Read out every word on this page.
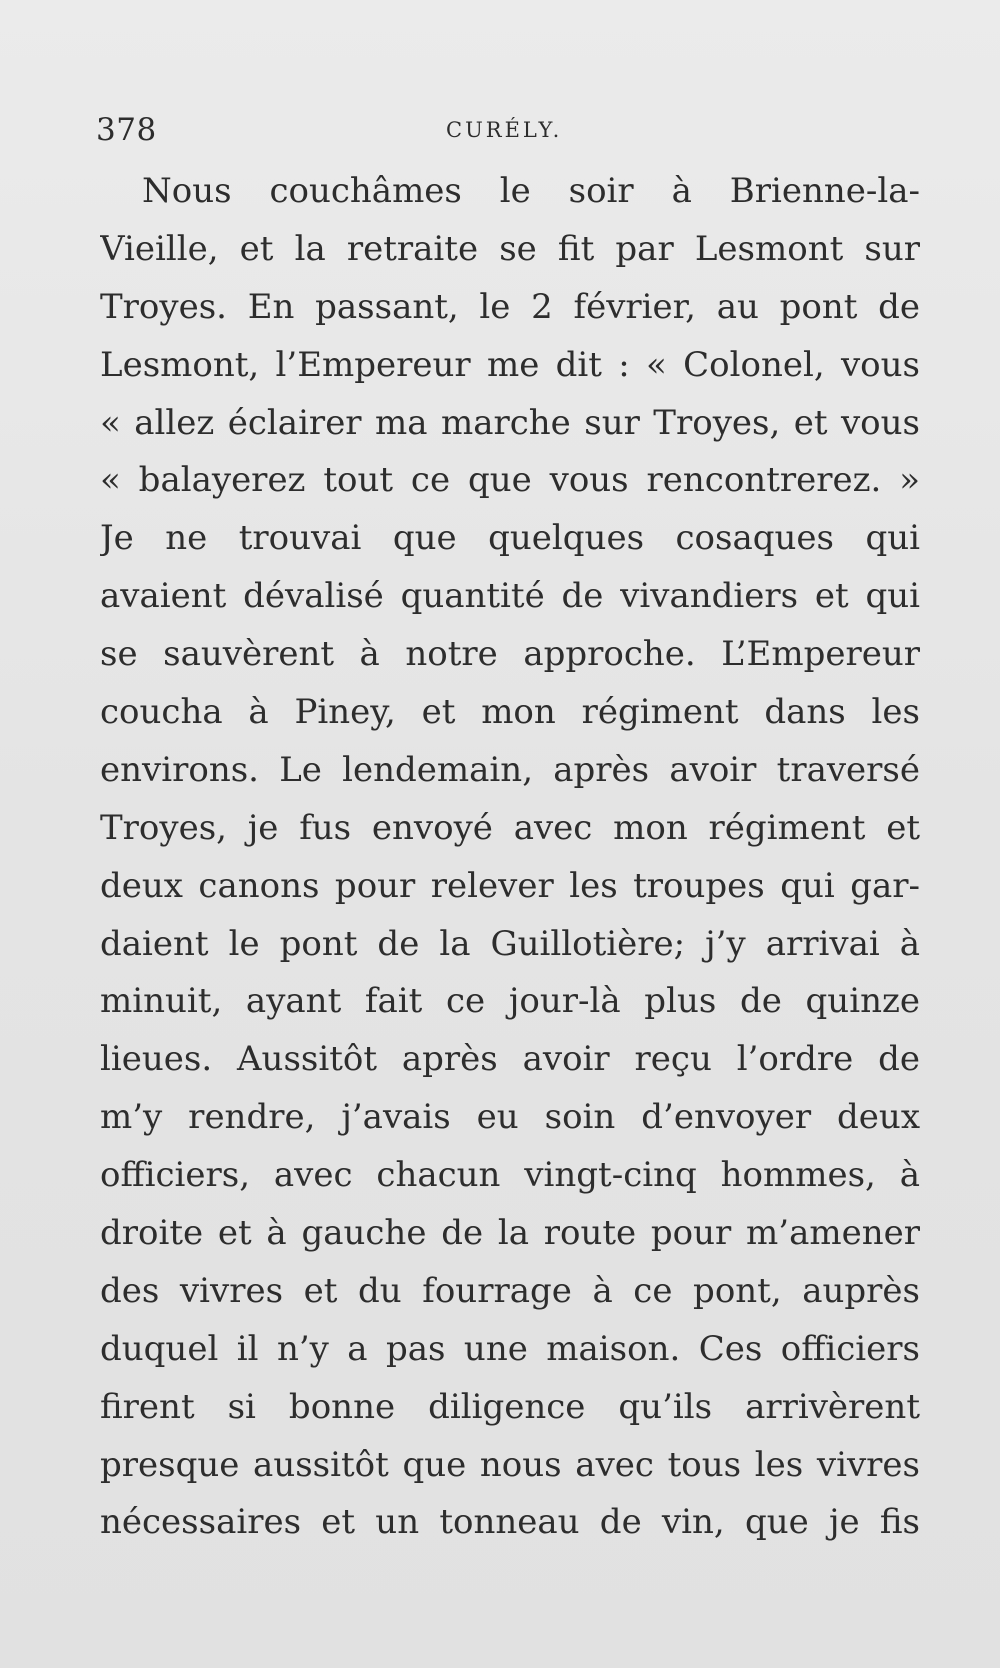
378	CURÉLY.
Nous couchâmes le soir à Brienne-la-
Vieille, et la retraite se fit par Lesmont sur
Troyes. En passant, le 2 février, au pont de
Lesmont, l’Empereur me dit : « Colonel, vous
« allez éclairer ma marche sur Troyes, et vous
« balayerez tout ce que vous rencontrerez. »
Je ne trouvai que quelques cosaques qui
avaient dévalisé quantité de vivandiers et qui
se sauvèrent à notre approche. L’Empereur
coucha à Piney, et mon régiment dans les
environs. Le lendemain, après avoir traversé
Troyes, je fus envoyé avec mon régiment et
deux canons pour relever les troupes qui gar-
daient le pont de la Guillotière; j’y arrivai à
minuit, ayant fait ce jour-là plus de quinze
lieues. Aussitôt après avoir reçu l’ordre de
m’y rendre, j’avais eu soin d’envoyer deux
officiers, avec chacun vingt-cinq hommes, à
droite et à gauche de la route pour m’amener
des vivres et du fourrage à ce pont, auprès
duquel il n’y a pas une maison. Ces officiers
firent si bonne diligence qu’ils arrivèrent
presque aussitôt que nous avec tous les vivres
nécessaires et un tonneau de vin, que je fis
